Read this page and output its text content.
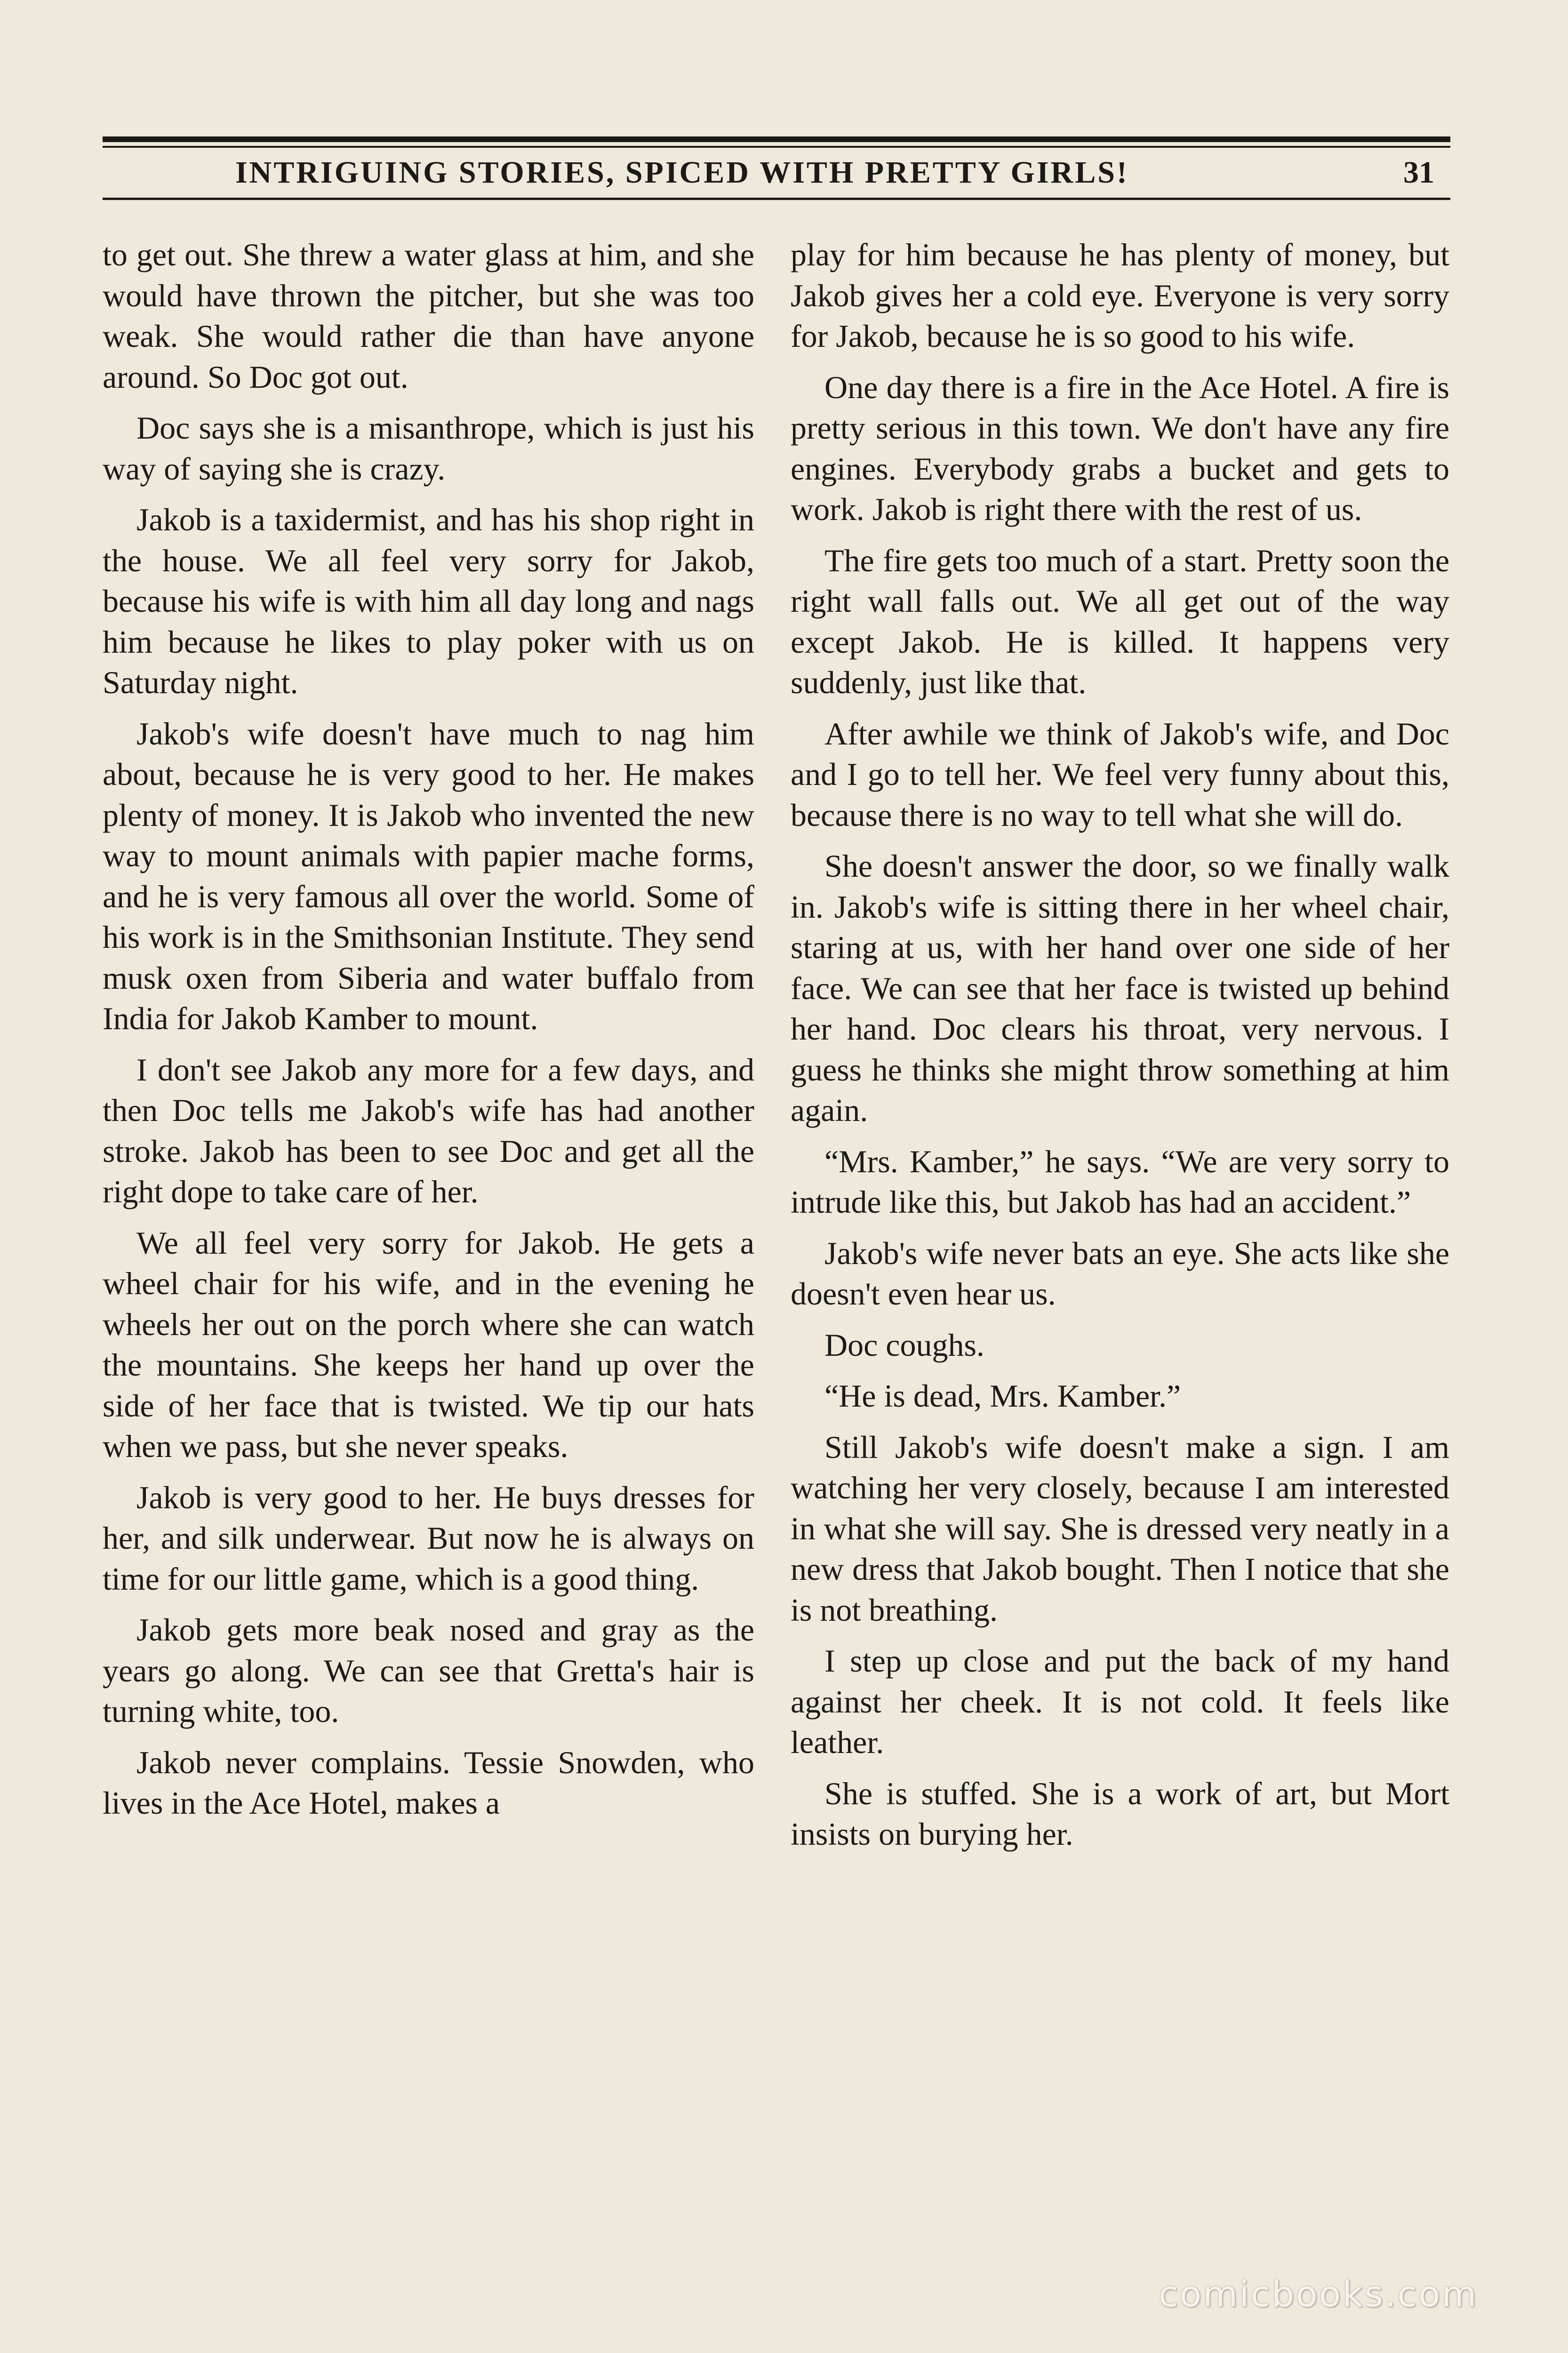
INTRIGUING STORIES, SPICED WITH PRETTY GIRLS!	31

to get out. She threw a water glass at him, and she would have thrown the pitcher, but she was too weak. She would rather die than have anyone around. So Doc got out.

Doc says she is a misanthrope, which is just his way of saying she is crazy.

Jakob is a taxidermist, and has his shop right in the house. We all feel very sorry for Jakob, because his wife is with him all day long and nags him because he likes to play poker with us on Saturday night.

Jakob's wife doesn't have much to nag him about, because he is very good to her. He makes plenty of money. It is Jakob who invented the new way to mount animals with papier mache forms, and he is very famous all over the world. Some of his work is in the Smithsonian Institute. They send musk oxen from Siberia and water buffalo from India for Jakob Kamber to mount.

I don't see Jakob any more for a few days, and then Doc tells me Jakob's wife has had another stroke. Jakob has been to see Doc and get all the right dope to take care of her.

We all feel very sorry for Jakob. He gets a wheel chair for his wife, and in the evening he wheels her out on the porch where she can watch the mountains. She keeps her hand up over the side of her face that is twisted. We tip our hats when we pass, but she never speaks.

Jakob is very good to her. He buys dresses for her, and silk underwear. But now he is always on time for our little game, which is a good thing.

Jakob gets more beak nosed and gray as the years go along. We can see that Gretta's hair is turning white, too.

Jakob never complains. Tessie Snowden, who lives in the Ace Hotel, makes a

play for him because he has plenty of money, but Jakob gives her a cold eye. Everyone is very sorry for Jakob, because he is so good to his wife.

One day there is a fire in the Ace Hotel. A fire is pretty serious in this town. We don't have any fire engines. Everybody grabs a bucket and gets to work. Jakob is right there with the rest of us.

The fire gets too much of a start. Pretty soon the right wall falls out. We all get out of the way except Jakob. He is killed. It happens very suddenly, just like that.

After awhile we think of Jakob's wife, and Doc and I go to tell her. We feel very funny about this, because there is no way to tell what she will do.

She doesn't answer the door, so we finally walk in. Jakob's wife is sitting there in her wheel chair, staring at us, with her hand over one side of her face. We can see that her face is twisted up behind her hand. Doc clears his throat, very nervous. I guess he thinks she might throw something at him again.

“Mrs. Kamber,” he says. “We are very sorry to intrude like this, but Jakob has had an accident.”

Jakob's wife never bats an eye. She acts like she doesn't even hear us.

Doc coughs.

“He is dead, Mrs. Kamber.”

Still Jakob's wife doesn't make a sign. I am watching her very closely, because I am interested in what she will say. She is dressed very neatly in a new dress that Jakob bought. Then I notice that she is not breathing.

I step up close and put the back of my hand against her cheek. It is not cold. It feels like leather.

She is stuffed. She is a work of art, but Mort insists on burying her.

comicbooks.com
